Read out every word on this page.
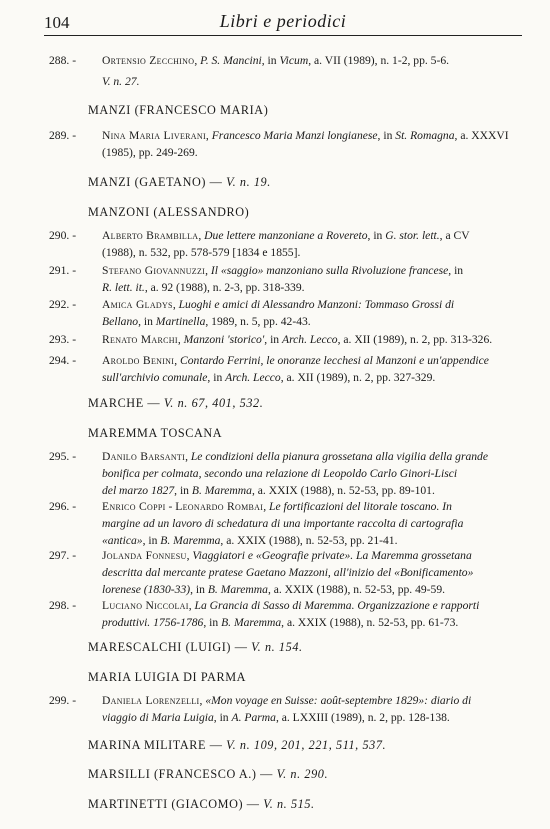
104	Libri e periodici
288. -	Ortensio Zecchino, P. S. Mancini, in Vicum, a. VII (1989), n. 1-2, pp. 5-6.
V. n. 27.
MANZI (FRANCESCO MARIA)
289. -	Nina Maria Liverani, Francesco Maria Manzi longianese, in St. Romagna, a. XXXVI
(1985), pp. 249-269.
MANZI (GAETANO) — V. n. 19.
MANZONI (ALESSANDRO)
290. -	Alberto Brambilla, Due lettere manzoniane a Rovereto, in G. stor. lett., a CV
(1988), n. 532, pp. 578-579 [1834 e 1855].
291. -	Stefano Giovannuzzi, Il «saggio» manzoniano sulla Rivoluzione francese, in
R. lett. it., a. 92 (1988), n. 2-3, pp. 318-339.
292. -	Amica Gladys, Luoghi e amici di Alessandro Manzoni: Tommaso Grossi di
Bellano, in Martinella, 1989, n. 5, pp. 42-43.
293. -	Renato Marchi, Manzoni 'storico', in Arch. Lecco, a. XII (1989), n. 2, pp. 313-326.
294. -	Aroldo Benini, Contardo Ferrini, le onoranze lecchesi al Manzoni e un'appendice
sull'archivio comunale, in Arch. Lecco, a. XII (1989), n. 2, pp. 327-329.
MARCHE — V. n. 67, 401, 532.
MAREMMA TOSCANA
295. -	Danilo Barsanti, Le condizioni della pianura grossetana alla vigilia della grande
bonifica per colmata, secondo una relazione di Leopoldo Carlo Ginori-Lisci
del marzo 1827, in B. Maremma, a. XXIX (1988), n. 52-53, pp. 89-101.
296. -	Enrico Coppi - Leonardo Rombai, Le fortificazioni del litorale toscano. In
margine ad un lavoro di schedatura di una importante raccolta di cartografia
«antica», in B. Maremma, a. XXIX (1988), n. 52-53, pp. 21-41.
297. -	Jolanda Fonnesu, Viaggiatori e «Geografie private». La Maremma grossetana
descritta dal mercante pratese Gaetano Mazzoni, all'inizio del «Bonificamento»
lorenese (1830-33), in B. Maremma, a. XXIX (1988), n. 52-53, pp. 49-59.
298. -	Luciano Niccolai, La Grancia di Sasso di Maremma. Organizzazione e rapporti
produttivi. 1756-1786, in B. Maremma, a. XXIX (1988), n. 52-53, pp. 61-73.
MARESCALCHI (LUIGI) — V. n. 154.
MARIA LUIGIA DI PARMA
299. -	Daniela Lorenzelli, «Mon voyage en Suisse: août-septembre 1829»: diario di
viaggio di Maria Luigia, in A. Parma, a. LXXIII (1989), n. 2, pp. 128-138.
MARINA MILITARE — V. n. 109, 201, 221, 511, 537.
MARSILLI (FRANCESCO A.) — V. n. 290.
MARTINETTI (GIACOMO) — V. n. 515.
